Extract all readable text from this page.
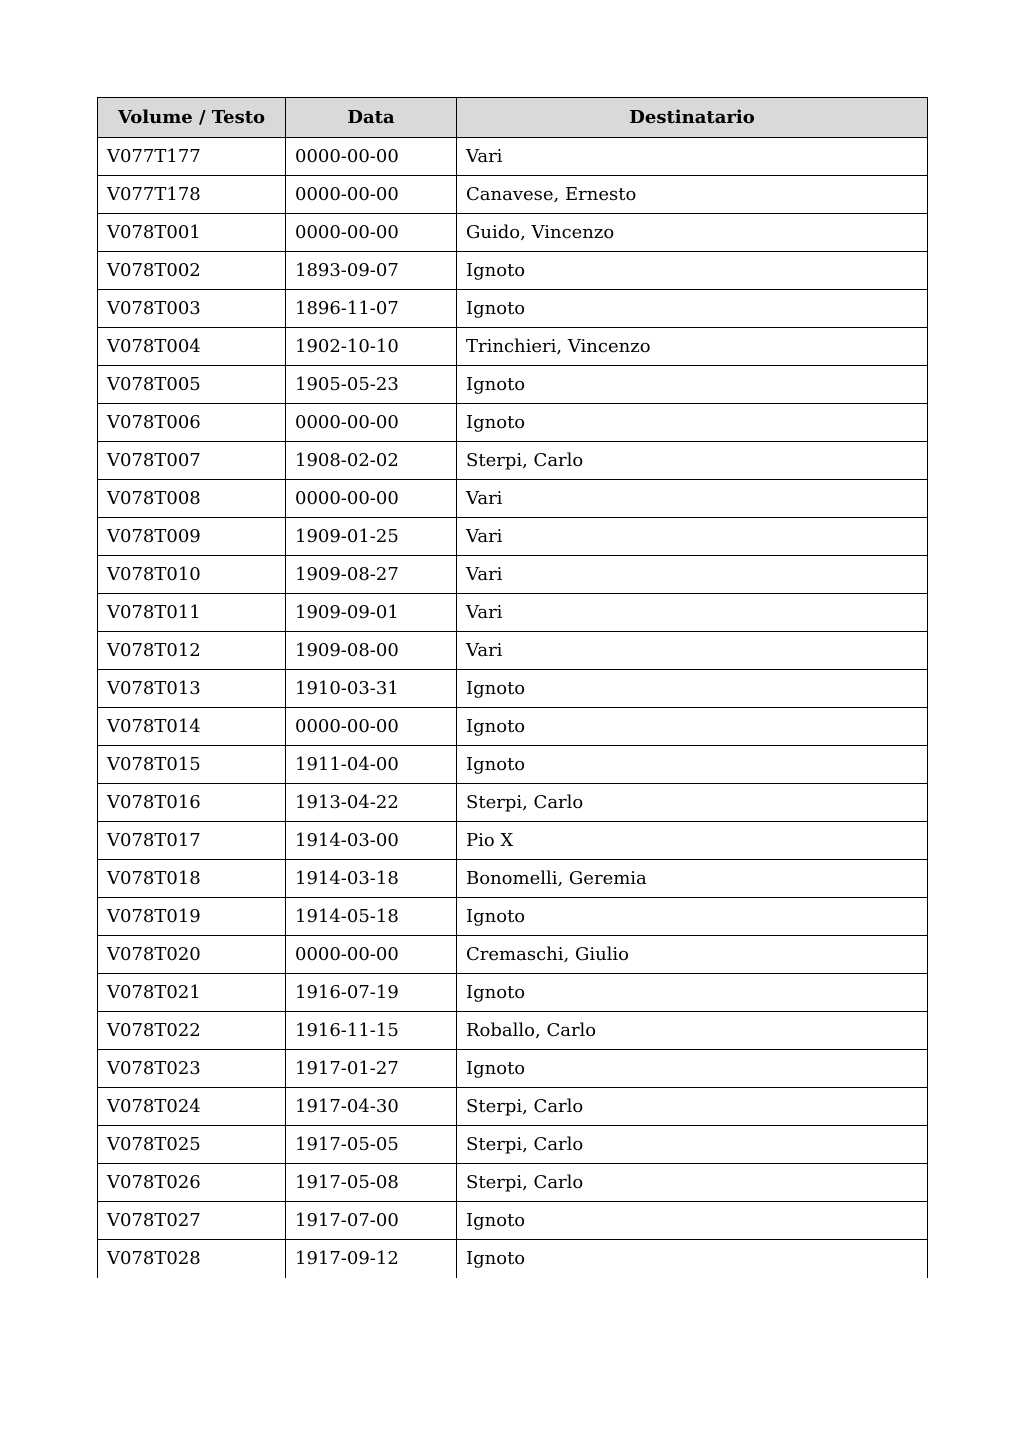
Volume / Testo	Data	Destinatario
V077T177	0000-00-00	Vari
V077T178	0000-00-00	Canavese, Ernesto
V078T001	0000-00-00	Guido, Vincenzo
V078T002	1893-09-07	Ignoto
V078T003	1896-11-07	Ignoto
V078T004	1902-10-10	Trinchieri, Vincenzo
V078T005	1905-05-23	Ignoto
V078T006	0000-00-00	Ignoto
V078T007	1908-02-02	Sterpi, Carlo
V078T008	0000-00-00	Vari
V078T009	1909-01-25	Vari
V078T010	1909-08-27	Vari
V078T011	1909-09-01	Vari
V078T012	1909-08-00	Vari
V078T013	1910-03-31	Ignoto
V078T014	0000-00-00	Ignoto
V078T015	1911-04-00	Ignoto
V078T016	1913-04-22	Sterpi, Carlo
V078T017	1914-03-00	Pio X
V078T018	1914-03-18	Bonomelli, Geremia
V078T019	1914-05-18	Ignoto
V078T020	0000-00-00	Cremaschi, Giulio
V078T021	1916-07-19	Ignoto
V078T022	1916-11-15	Roballo, Carlo
V078T023	1917-01-27	Ignoto
V078T024	1917-04-30	Sterpi, Carlo
V078T025	1917-05-05	Sterpi, Carlo
V078T026	1917-05-08	Sterpi, Carlo
V078T027	1917-07-00	Ignoto
V078T028	1917-09-12	Ignoto
